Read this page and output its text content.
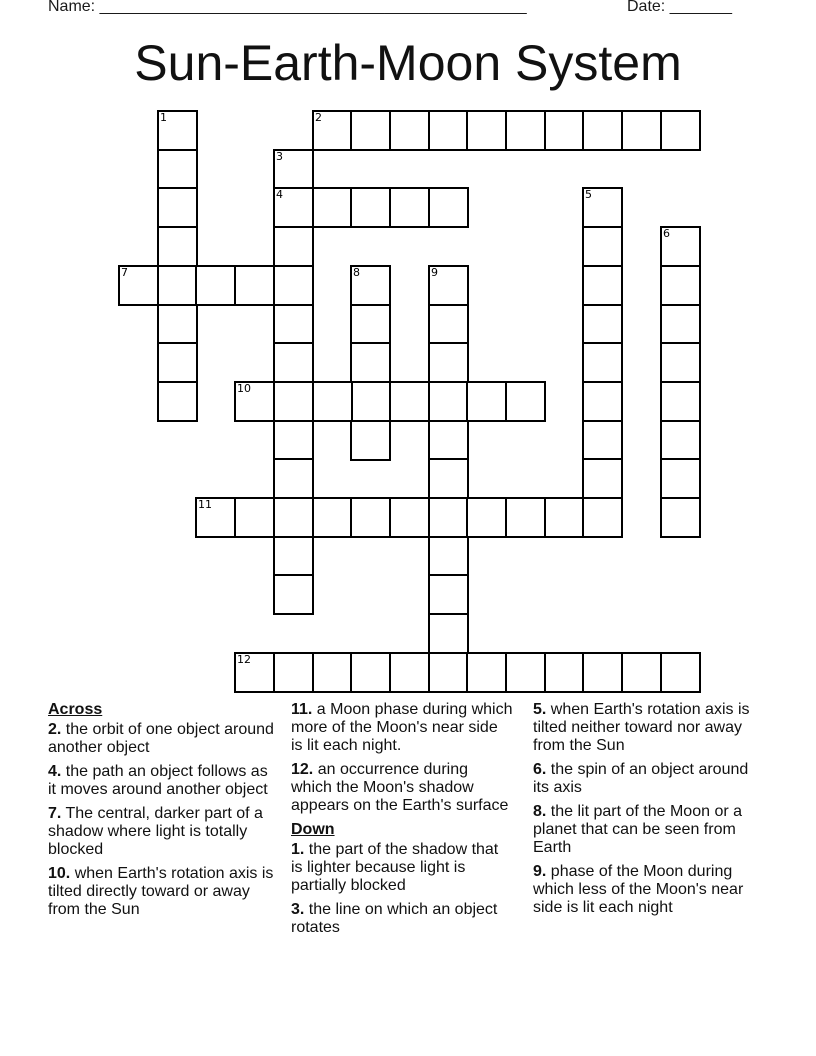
Name: ________________________________________________	Date: _______
Sun-Earth-Moon System
1	2
3
4	5
6
7	8	9
10
11
12
Across
2. the orbit of one object around another object
4. the path an object follows as it moves around another object
7. The central, darker part of a shadow where light is totally blocked
10. when Earth's rotation axis is tilted directly toward or away from the Sun
11. a Moon phase during which more of the Moon's near side is lit each night.
12. an occurrence during which the Moon's shadow appears on the Earth's surface
Down
1. the part of the shadow that is lighter because light is partially blocked
3. the line on which an object rotates
5. when Earth's rotation axis is tilted neither toward nor away from the Sun
6. the spin of an object around its axis
8. the lit part of the Moon or a planet that can be seen from Earth
9. phase of the Moon during which less of the Moon's near side is lit each night
